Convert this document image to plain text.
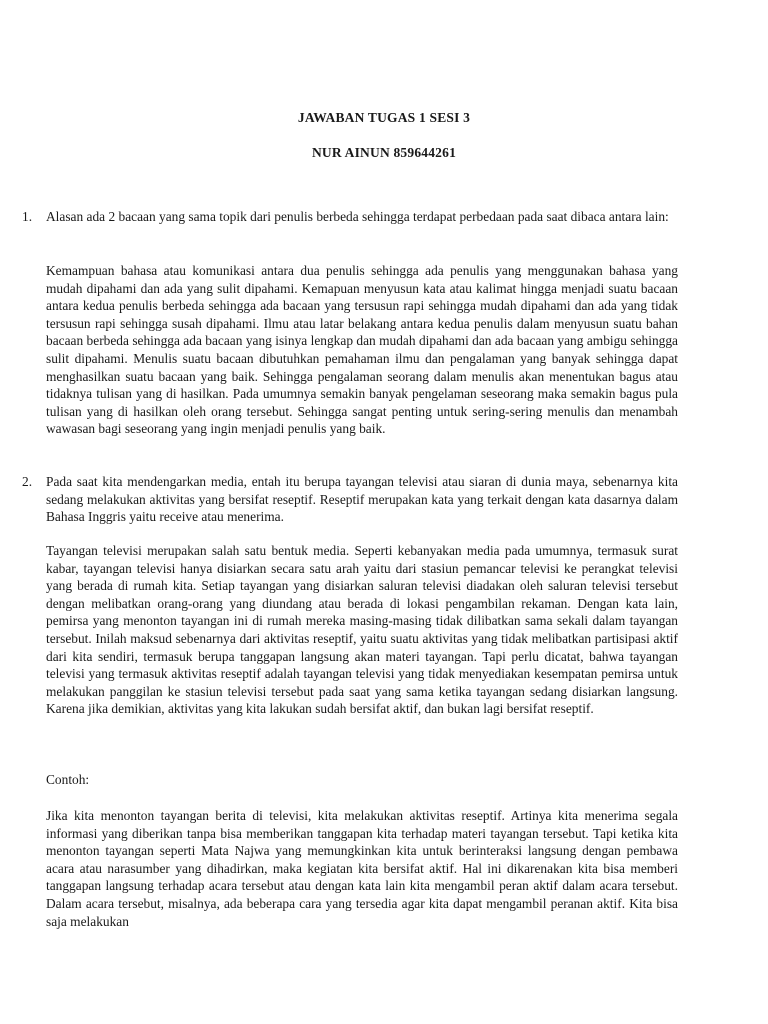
JAWABAN TUGAS 1 SESI 3
NUR AINUN 859644261
1. Alasan ada 2 bacaan yang sama topik dari penulis berbeda sehingga terdapat perbedaan pada saat dibaca antara lain:
Kemampuan bahasa atau komunikasi antara dua penulis sehingga ada penulis yang menggunakan bahasa yang mudah dipahami dan ada yang sulit dipahami. Kemapuan menyusun kata atau kalimat hingga menjadi suatu bacaan antara kedua penulis berbeda sehingga ada bacaan yang tersusun rapi sehingga mudah dipahami dan ada yang tidak tersusun rapi sehingga susah dipahami. Ilmu atau latar belakang antara kedua penulis dalam menyusun suatu bahan bacaan berbeda sehingga ada bacaan yang isinya lengkap dan mudah dipahami dan ada bacaan yang ambigu sehingga sulit dipahami. Menulis suatu bacaan dibutuhkan pemahaman ilmu dan pengalaman yang banyak sehingga dapat menghasilkan suatu bacaan yang baik. Sehingga pengalaman seorang dalam menulis akan menentukan bagus atau tidaknya tulisan yang di hasilkan. Pada umumnya semakin banyak pengelaman seseorang maka semakin bagus pula tulisan yang di hasilkan oleh orang tersebut. Sehingga sangat penting untuk sering-sering menulis dan menambah wawasan bagi seseorang yang ingin menjadi penulis yang baik.
2. Pada saat kita mendengarkan media, entah itu berupa tayangan televisi atau siaran di dunia maya, sebenarnya kita sedang melakukan aktivitas yang bersifat reseptif. Reseptif merupakan kata yang terkait dengan kata dasarnya dalam Bahasa Inggris yaitu receive atau menerima.
Tayangan televisi merupakan salah satu bentuk media. Seperti kebanyakan media pada umumnya, termasuk surat kabar, tayangan televisi hanya disiarkan secara satu arah yaitu dari stasiun pemancar televisi ke perangkat televisi yang berada di rumah kita. Setiap tayangan yang disiarkan saluran televisi diadakan oleh saluran televisi tersebut dengan melibatkan orang-orang yang diundang atau berada di lokasi pengambilan rekaman. Dengan kata lain, pemirsa yang menonton tayangan ini di rumah mereka masing-masing tidak dilibatkan sama sekali dalam tayangan tersebut. Inilah maksud sebenarnya dari aktivitas reseptif, yaitu suatu aktivitas yang tidak melibatkan partisipasi aktif dari kita sendiri, termasuk berupa tanggapan langsung akan materi tayangan. Tapi perlu dicatat, bahwa tayangan televisi yang termasuk aktivitas reseptif adalah tayangan televisi yang tidak menyediakan kesempatan pemirsa untuk melakukan panggilan ke stasiun televisi tersebut pada saat yang sama ketika tayangan sedang disiarkan langsung. Karena jika demikian, aktivitas yang kita lakukan sudah bersifat aktif, dan bukan lagi bersifat reseptif.
Contoh:
Jika kita menonton tayangan berita di televisi, kita melakukan aktivitas reseptif. Artinya kita menerima segala informasi yang diberikan tanpa bisa memberikan tanggapan kita terhadap materi tayangan tersebut. Tapi ketika kita menonton tayangan seperti Mata Najwa yang memungkinkan kita untuk berinteraksi langsung dengan pembawa acara atau narasumber yang dihadirkan, maka kegiatan kita bersifat aktif. Hal ini dikarenakan kita bisa memberi tanggapan langsung terhadap acara tersebut atau dengan kata lain kita mengambil peran aktif dalam acara tersebut. Dalam acara tersebut, misalnya, ada beberapa cara yang tersedia agar kita dapat mengambil peranan aktif. Kita bisa saja melakukan
